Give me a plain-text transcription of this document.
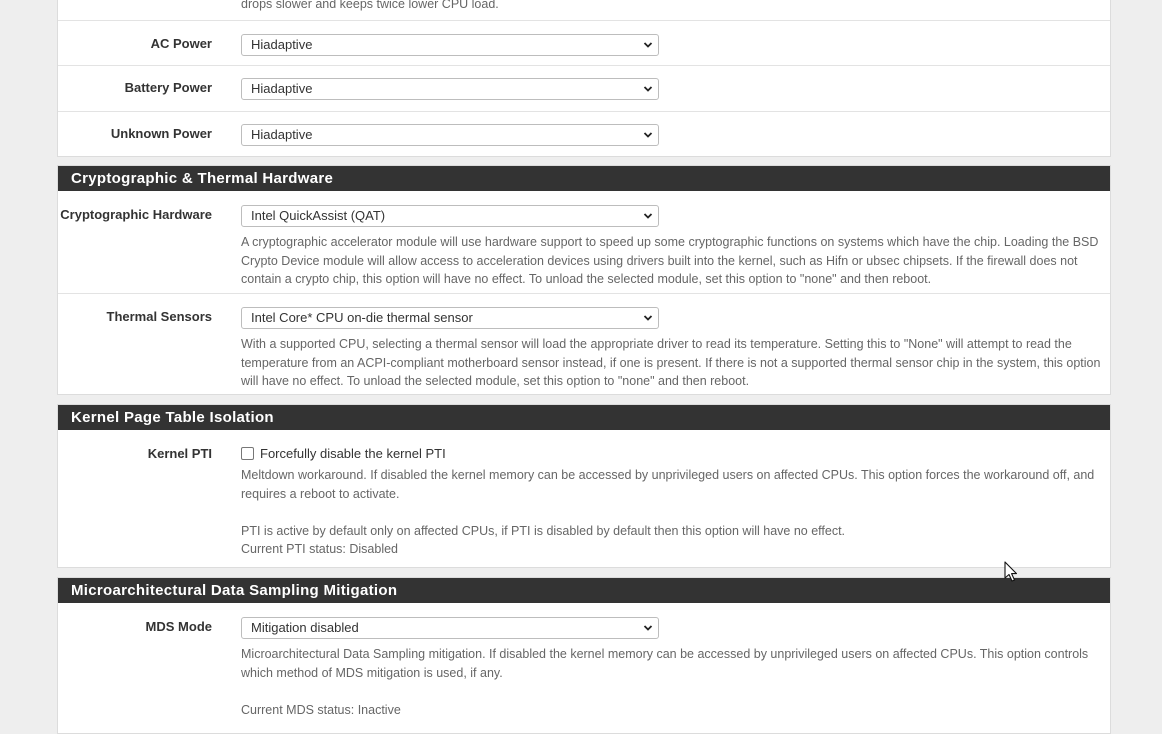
drops slower and keeps twice lower CPU load.
AC Power	Hiadaptive
Battery Power	Hiadaptive
Unknown Power	Hiadaptive
Cryptographic & Thermal Hardware
Cryptographic Hardware	Intel QuickAssist (QAT)
A cryptographic accelerator module will use hardware support to speed up some cryptographic functions on systems which have the chip. Loading the BSD Crypto Device module will allow access to acceleration devices using drivers built into the kernel, such as Hifn or ubsec chipsets. If the firewall does not contain a crypto chip, this option will have no effect. To unload the selected module, set this option to "none" and then reboot.
Thermal Sensors	Intel Core* CPU on-die thermal sensor
With a supported CPU, selecting a thermal sensor will load the appropriate driver to read its temperature. Setting this to "None" will attempt to read the temperature from an ACPI-compliant motherboard sensor instead, if one is present. If there is not a supported thermal sensor chip in the system, this option will have no effect. To unload the selected module, set this option to "none" and then reboot.
Kernel Page Table Isolation
Kernel PTI	Forcefully disable the kernel PTI

Meltdown workaround. If disabled the kernel memory can be accessed by unprivileged users on affected CPUs. This option forces the workaround off, and requires a reboot to activate.

PTI is active by default only on affected CPUs, if PTI is disabled by default then this option will have no effect.

Current PTI status: Disabled

Microarchitectural Data Sampling Mitigation
MDS Mode	Mitigation disabled

Microarchitectural Data Sampling mitigation. If disabled the kernel memory can be accessed by unprivileged users on affected CPUs. This option controls which method of MDS mitigation is used, if any.

Current MDS status: Inactive
